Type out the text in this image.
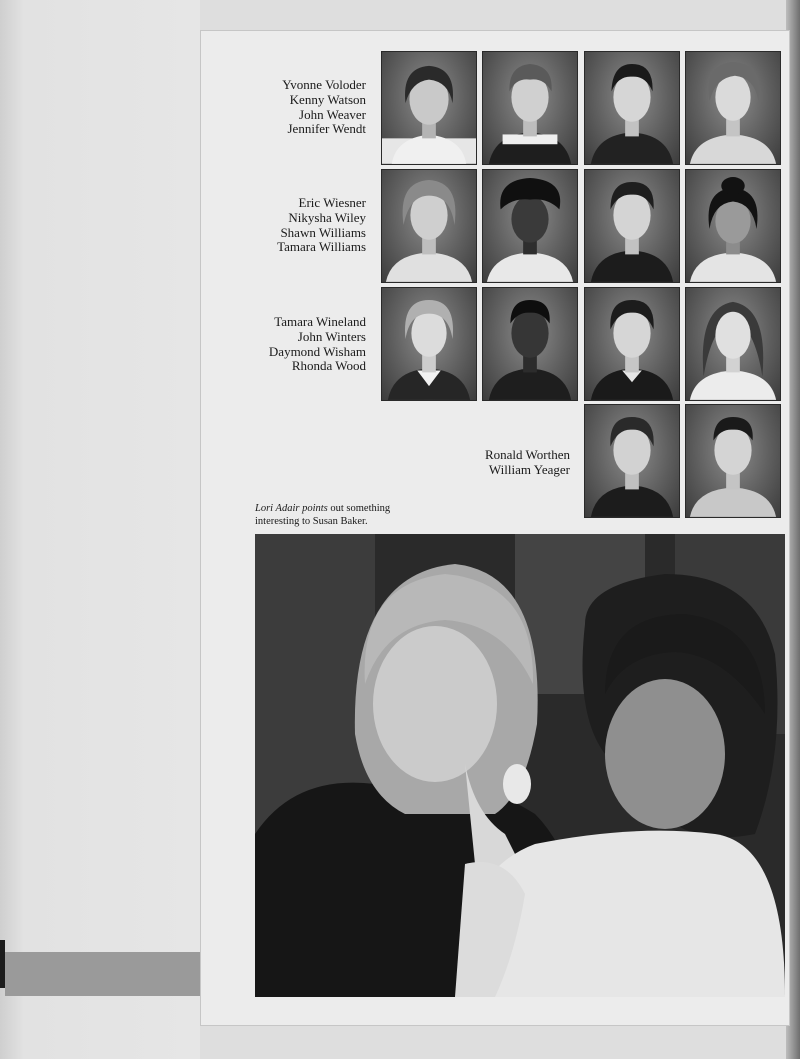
Yvonne Voloder
Kenny Watson
John Weaver
Jennifer Wendt
Eric Wiesner
Nikysha Wiley
Shawn Williams
Tamara Williams
Tamara Wineland
John Winters
Daymond Wisham
Rhonda Wood
Ronald Worthen
William Yeager
Lori Adair points out something interesting to Susan Baker.
